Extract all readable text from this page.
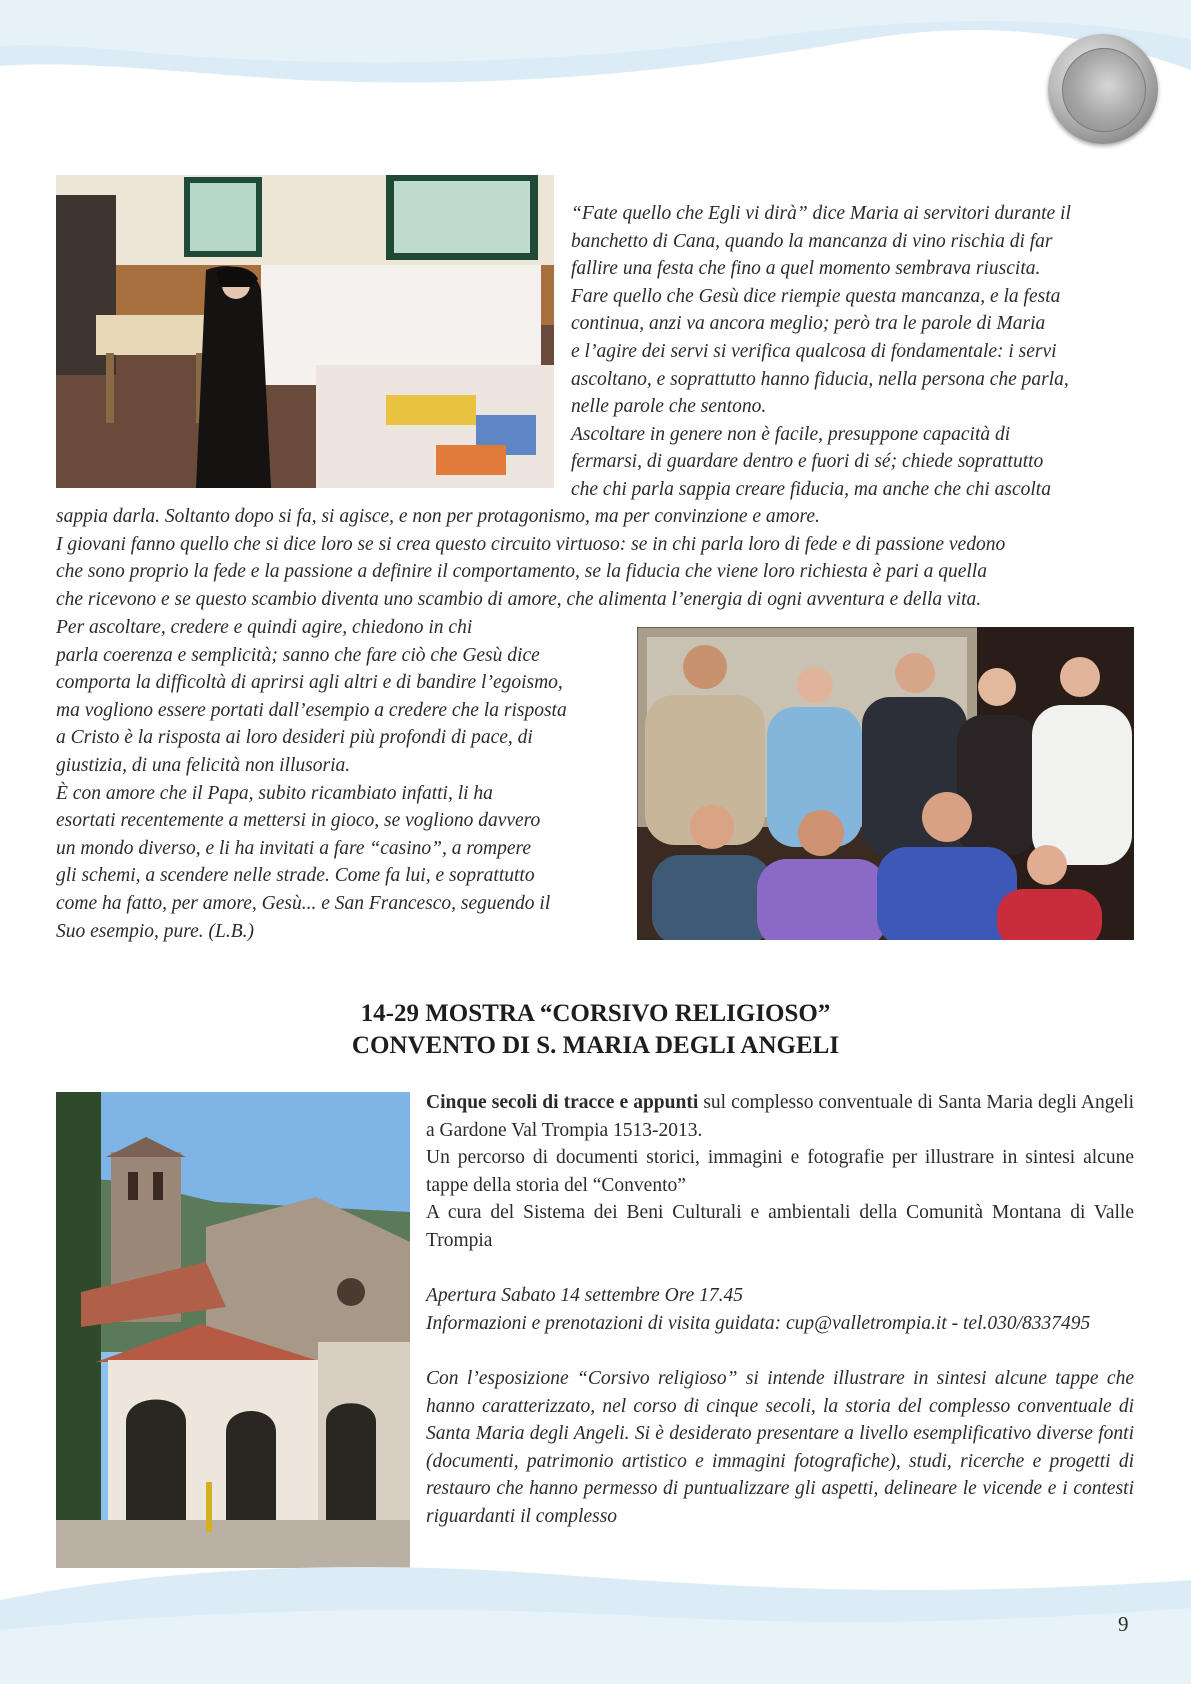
“Fate quello che Egli vi dirà” dice Maria ai servitori durante il

banchetto di Cana, quando la mancanza di vino rischia di far

fallire una festa che fino a quel momento sembrava riuscita.

Fare quello che Gesù dice riempie questa mancanza, e la festa

continua, anzi va ancora meglio; però tra le parole di Maria

e l’agire dei servi si verifica qualcosa di fondamentale: i servi

ascoltano, e soprattutto hanno fiducia, nella persona che parla,

nelle parole che sentono.

Ascoltare in genere non è facile, presuppone capacità di

fermarsi, di guardare dentro e fuori di sé; chiede soprattutto

che chi parla sappia creare fiducia, ma anche che chi ascolta

sappia darla. Soltanto dopo si fa, si agisce, e non per protagonismo, ma per convinzione e amore.

I giovani fanno quello che si dice loro se si crea questo circuito virtuoso: se in chi parla loro di fede e di passione vedono

che sono proprio la fede e la passione a definire il comportamento, se la fiducia che viene loro richiesta è pari a quella

che ricevono e se questo scambio diventa uno scambio di amore, che alimenta l’energia di ogni avventura e della vita.

Per ascoltare, credere e quindi agire, chiedono in chi

parla coerenza e semplicità; sanno che fare ciò che Gesù dice

comporta la difficoltà di aprirsi agli altri e di bandire l’egoismo,

ma vogliono essere portati dall’esempio a credere che la risposta

a Cristo è la risposta ai loro desideri più profondi di pace, di

giustizia, di una felicità non illusoria.

È con amore che il Papa, subito ricambiato infatti, li ha

esortati recentemente a mettersi in gioco, se vogliono davvero

un mondo diverso, e li ha invitati a fare “casino”, a rompere

gli schemi, a scendere nelle strade. Come fa lui, e soprattutto

come ha fatto, per amore, Gesù... e San Francesco, seguendo il

Suo esempio, pure. (L.B.)

14-29 MOSTRA “CORSIVO RELIGIOSO”
CONVENTO DI S. MARIA DEGLI ANGELI

Cinque secoli di tracce e appunti sul complesso conventuale di Santa Maria degli Angeli a Gardone Val Trompia 1513-2013.

Un percorso di documenti storici, immagini e fotografie per illustrare in sintesi alcune tappe della storia del “Convento”

A cura del Sistema dei Beni Culturali e ambientali della Comunità Montana di Valle Trompia

Apertura Sabato 14 settembre Ore 17.45

Informazioni e prenotazioni di visita guidata: cup@valletrompia.it - tel.030/8337495

Con l’esposizione “Corsivo religioso” si intende illustrare in sintesi alcune tappe che hanno caratterizzato, nel corso di cinque secoli, la storia del complesso conventuale di Santa Maria degli Angeli. Si è desiderato presentare a livello esemplificativo diverse fonti (documenti, patrimonio artistico e immagini fotografiche), studi, ricerche e progetti di restauro che hanno permesso di puntualizzare gli aspetti, delineare le vicende e i contesti riguardanti il complesso

9
